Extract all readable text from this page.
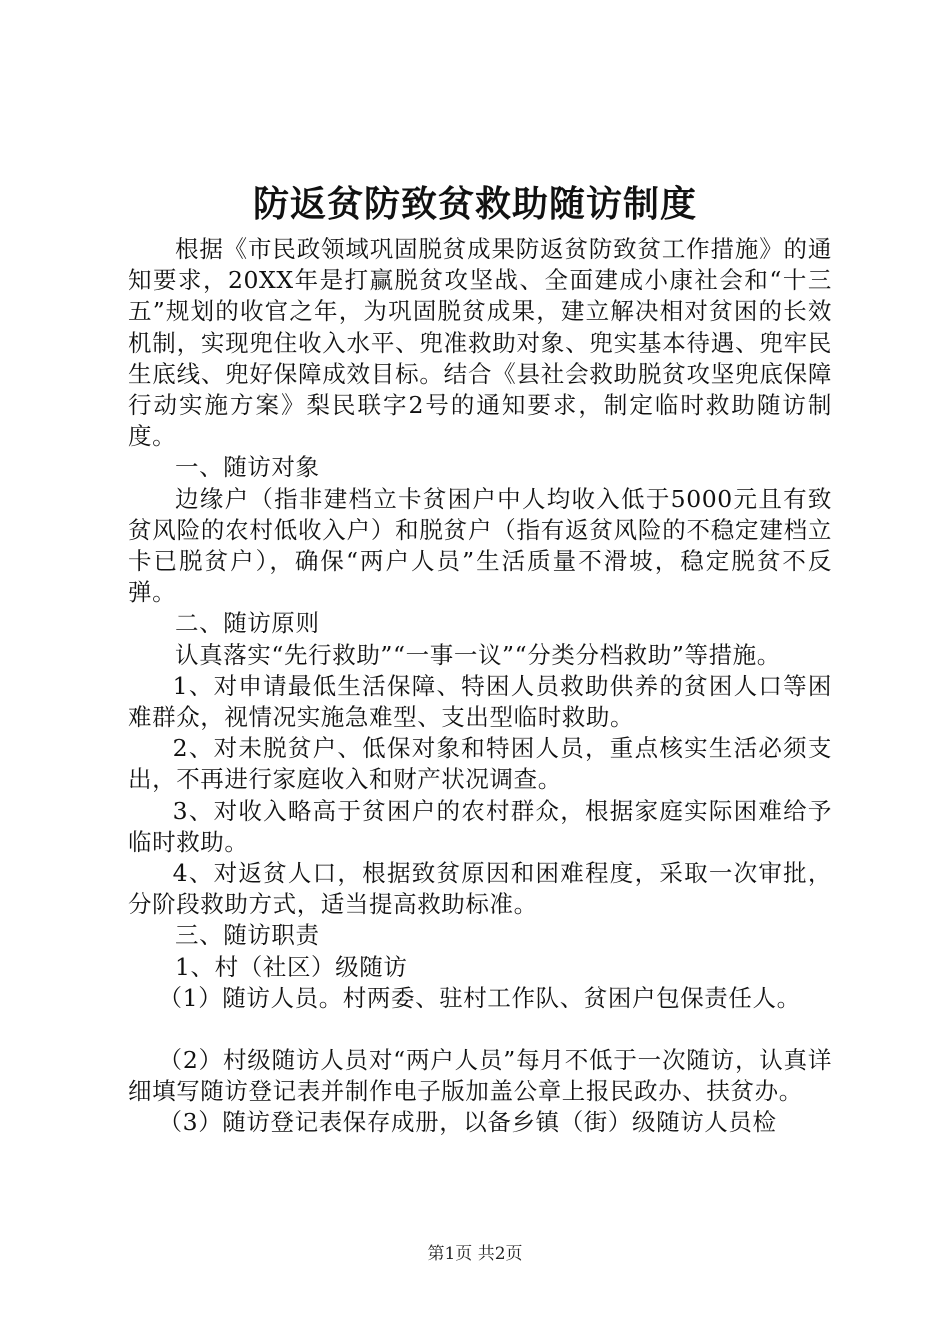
防返贫防致贫救助随访制度

根据《市民政领域巩固脱贫成果防返贫防致贫工作措施》的通知要求，20XX年是打赢脱贫攻坚战、全面建成小康社会和“十三五”规划的收官之年，为巩固脱贫成果，建立解决相对贫困的长效机制，实现兜住收入水平、兜准救助对象、兜实基本待遇、兜牢民生底线、兜好保障成效目标。结合《县社会救助脱贫攻坚兜底保障行动实施方案》梨民联字2号的通知要求，制定临时救助随访制度。

一、随访对象

边缘户（指非建档立卡贫困户中人均收入低于5000元且有致贫风险的农村低收入户）和脱贫户（指有返贫风险的不稳定建档立卡已脱贫户），确保“两户人员”生活质量不滑坡，稳定脱贫不反弹。

二、随访原则

认真落实“先行救助”“一事一议”“分类分档救助”等措施。

1、对申请最低生活保障、特困人员救助供养的贫困人口等困难群众，视情况实施急难型、支出型临时救助。

2、对未脱贫户、低保对象和特困人员，重点核实生活必须支出，不再进行家庭收入和财产状况调查。

3、对收入略高于贫困户的农村群众，根据家庭实际困难给予临时救助。

4、对返贫人口，根据致贫原因和困难程度，采取一次审批，分阶段救助方式，适当提高救助标准。

三、随访职责

1、村（社区）级随访

（1）随访人员。村两委、驻村工作队、贫困户包保责任人。

（2）村级随访人员对“两户人员”每月不低于一次随访，认真详细填写随访登记表并制作电子版加盖公章上报民政办、扶贫办。

（3）随访登记表保存成册，以备乡镇（街）级随访人员检

第1页 共2页
